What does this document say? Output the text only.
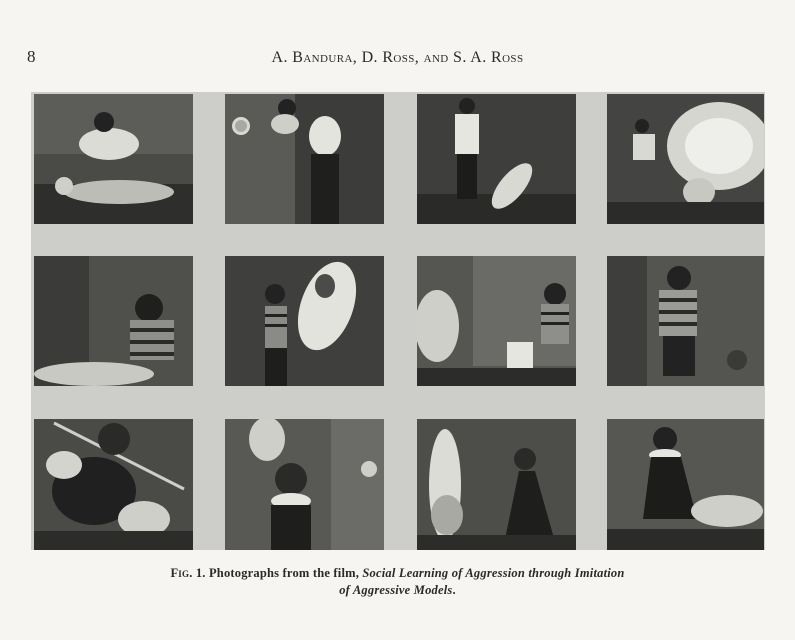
8	A. Bandura, D. Ross, and S. A. Ross
Fig. 1. Photographs from the film, Social Learning of Aggression through Imitation
of Aggressive Models.
